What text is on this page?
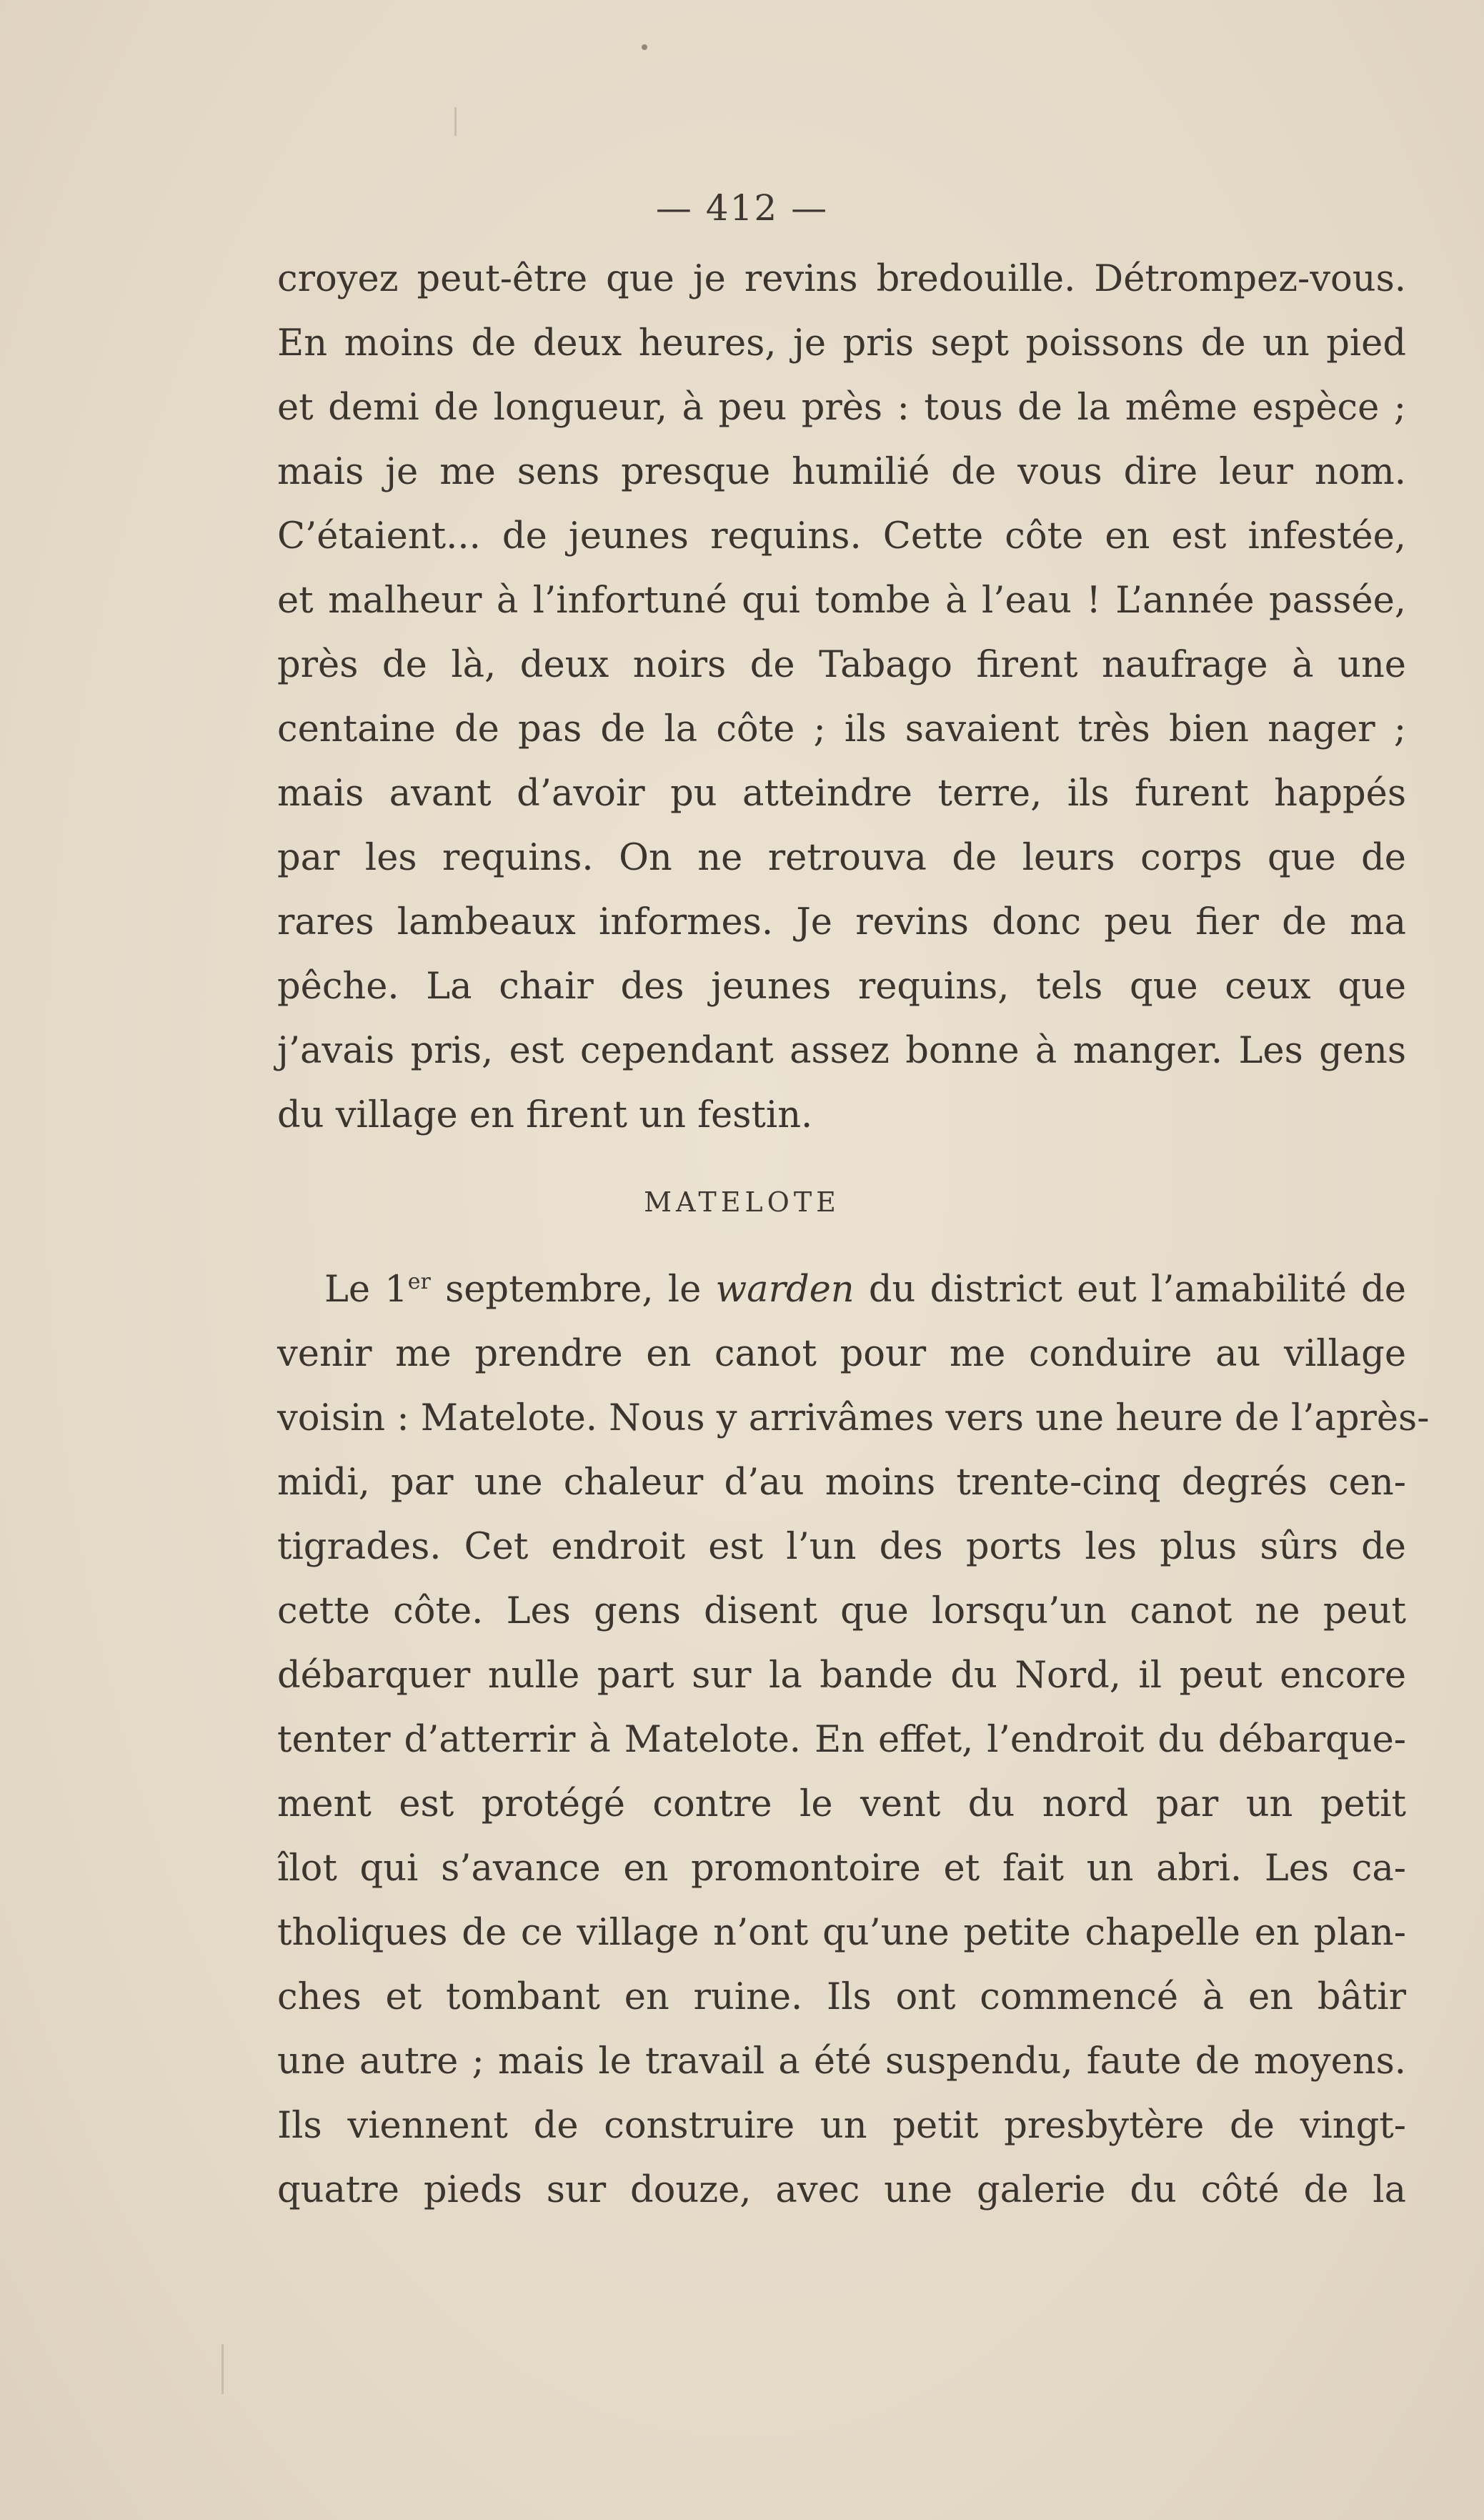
— 412 —
croyez peut-être que je revins bredouille. Détrompez-vous.
En moins de deux heures, je pris sept poissons de un pied
et demi de longueur, à peu près : tous de la même espèce ;
mais je me sens presque humilié de vous dire leur nom.
C’étaient... de jeunes requins. Cette côte en est infestée,
et malheur à l’infortuné qui tombe à l’eau ! L’année passée,
près de là, deux noirs de Tabago firent naufrage à une
centaine de pas de la côte ; ils savaient très bien nager ;
mais avant d’avoir pu atteindre terre, ils furent happés
par les requins. On ne retrouva de leurs corps que de
rares lambeaux informes. Je revins donc peu fier de ma
pêche. La chair des jeunes requins, tels que ceux que
j’avais pris, est cependant assez bonne à manger. Les gens
du village en firent un festin.
MATELOTE
Le 1er septembre, le warden du district eut l’amabilité de
venir me prendre en canot pour me conduire au village
voisin : Matelote. Nous y arrivâmes vers une heure de l’après-
midi, par une chaleur d’au moins trente-cinq degrés cen-
tigrades. Cet endroit est l’un des ports les plus sûrs de
cette côte. Les gens disent que lorsqu’un canot ne peut
débarquer nulle part sur la bande du Nord, il peut encore
tenter d’atterrir à Matelote. En effet, l’endroit du débarque-
ment est protégé contre le vent du nord par un petit
îlot qui s’avance en promontoire et fait un abri. Les ca-
tholiques de ce village n’ont qu’une petite chapelle en plan-
ches et tombant en ruine. Ils ont commencé à en bâtir
une autre ; mais le travail a été suspendu, faute de moyens.
Ils viennent de construire un petit presbytère de vingt-
quatre pieds sur douze, avec une galerie du côté de la
